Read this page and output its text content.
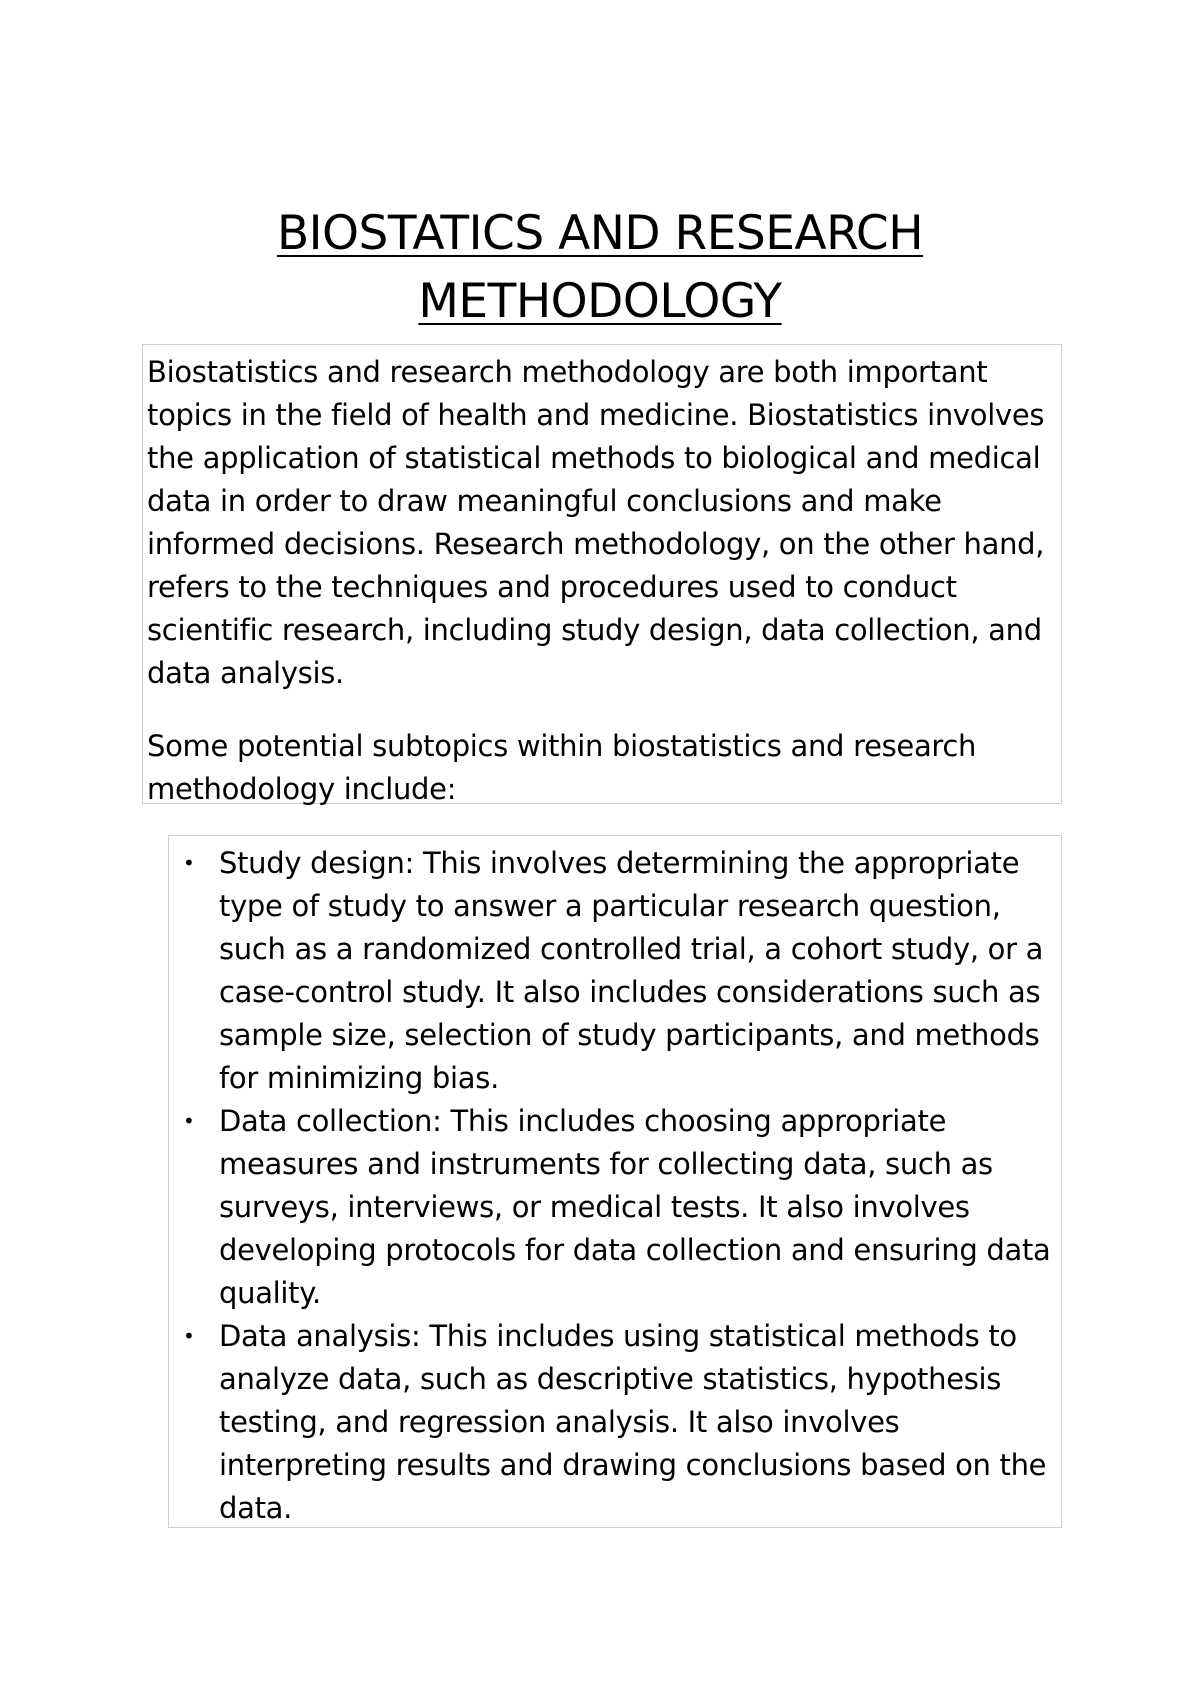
BIOSTATICS AND RESEARCH
METHODOLOGY

Biostatistics and research methodology are both important topics in the field of health and medicine. Biostatistics involves the application of statistical methods to biological and medical data in order to draw meaningful conclusions and make informed decisions. Research methodology, on the other hand, refers to the techniques and procedures used to conduct scientific research, including study design, data collection, and data analysis.

Some potential subtopics within biostatistics and research methodology include:

• Study design: This involves determining the appropriate type of study to answer a particular research question, such as a randomized controlled trial, a cohort study, or a case-control study. It also includes considerations such as sample size, selection of study participants, and methods for minimizing bias.
• Data collection: This includes choosing appropriate measures and instruments for collecting data, such as surveys, interviews, or medical tests. It also involves developing protocols for data collection and ensuring data quality.
• Data analysis: This includes using statistical methods to analyze data, such as descriptive statistics, hypothesis testing, and regression analysis. It also involves interpreting results and drawing conclusions based on the data.
